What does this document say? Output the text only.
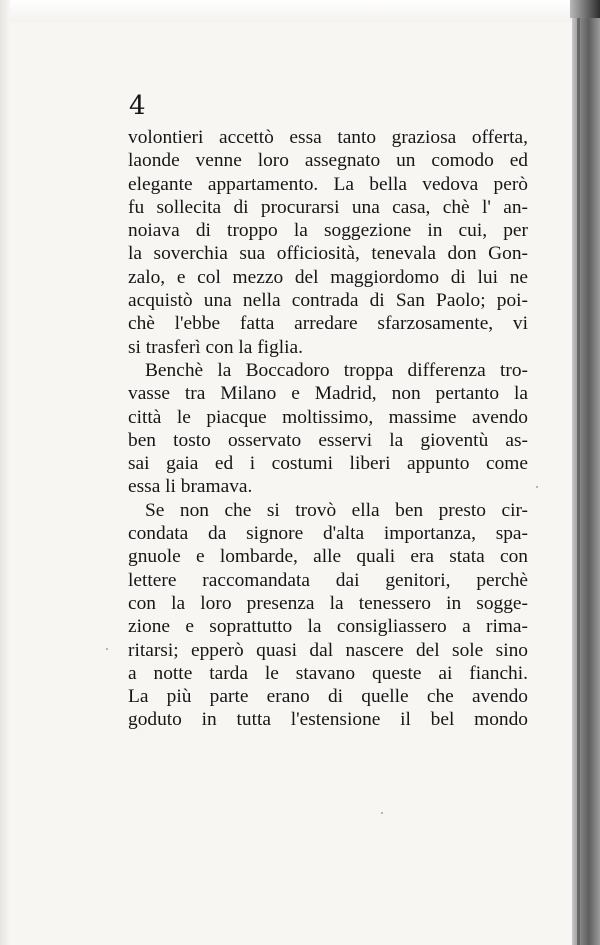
4
volontieri accettò essa tanto graziosa offerta,
laonde venne loro assegnato un comodo ed
elegante appartamento. La bella vedova però
fu sollecita di procurarsi una casa, chè l' an-
noiava di troppo la soggezione in cui, per
la soverchia sua officiosità, tenevala don Gon-
zalo, e col mezzo del maggiordomo di lui ne
acquistò una nella contrada di San Paolo; poi-
chè l'ebbe fatta arredare sfarzosamente, vi
si trasferì con la figlia.
Benchè la Boccadoro troppa differenza tro-
vasse tra Milano e Madrid, non pertanto la
città le piacque moltissimo, massime avendo
ben tosto osservato esservi la gioventù as-
sai gaia ed i costumi liberi appunto come
essa li bramava.
Se non che si trovò ella ben presto cir-
condata da signore d'alta importanza, spa-
gnuole e lombarde, alle quali era stata con
lettere raccomandata dai genitori, perchè
con la loro presenza la tenessero in sogge-
zione e soprattutto la consigliassero a rima-
ritarsi; epperò quasi dal nascere del sole sino
a notte tarda le stavano queste ai fianchi.
La più parte erano di quelle che avendo
goduto in tutta l'estensione il bel mondo
